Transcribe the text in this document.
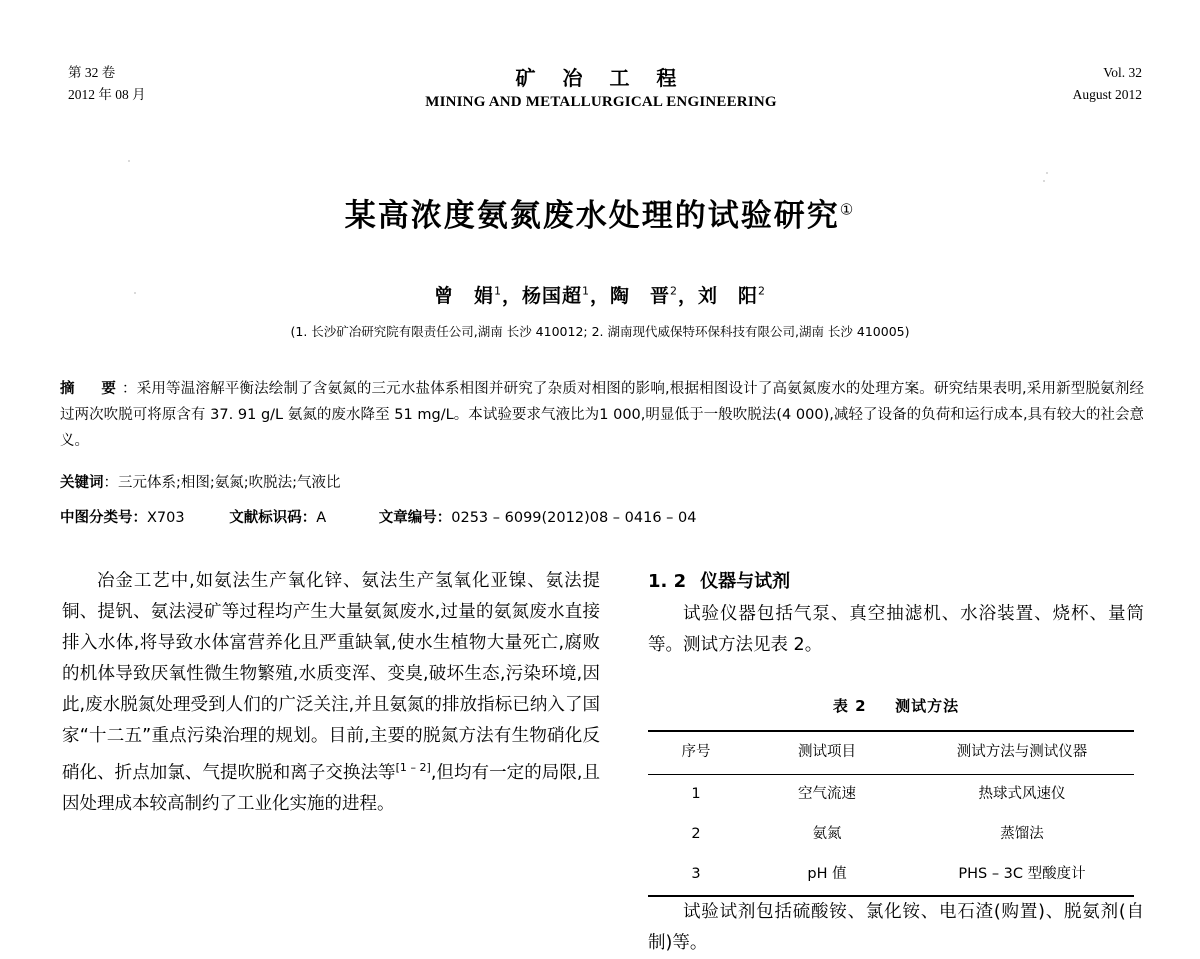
第 32 卷
2012 年 08 月
矿 冶 工 程
MINING AND METALLURGICAL ENGINEERING
Vol. 32
August 2012
某高浓度氨氮废水处理的试验研究①
曾　娟$^1$，杨国超$^1$，陶　晋$^2$，刘　阳$^2$
(1. 长沙矿冶研究院有限责任公司,湖南 长沙 410012; 2. 湖南现代威保特环保科技有限公司,湖南 长沙 410005)
摘　要：采用等温溶解平衡法绘制了含氨氮的三元水盐体系相图并研究了杂质对相图的影响,根据相图设计了高氨氮废水的处理方案。研究结果表明,采用新型脱氨剂经过两次吹脱可将原含有 37. 91 g/L 氨氮的废水降至 51 mg/L。本试验要求气液比为1 000,明显低于一般吹脱法(4 000),减轻了设备的负荷和运行成本,具有较大的社会意义。
关键词：三元体系;相图;氨氮;吹脱法;气液比
中图分类号：X703	文献标识码：A	文章编号：0253 – 6099(2012)08 – 0416 – 04

冶金工艺中,如氨法生产氧化锌、氨法生产氢氧化亚镍、氨法提铜、提钒、氨法浸矿等过程均产生大量氨氮废水,过量的氨氮废水直接排入水体,将导致水体富营养化且严重缺氧,使水生植物大量死亡,腐败的机体导致厌氧性微生物繁殖,水质变浑、变臭,破坏生态,污染环境,因此,废水脱氮处理受到人们的广泛关注,并且氨氮的排放指标已纳入了国家“十二五”重点污染治理的规划。目前,主要的脱氮方法有生物硝化反硝化、折点加氯、气提吹脱和离子交换法等[1 – 2],但均有一定的局限,且因处理成本较高制约了工业化实施的进程。

1. 2 仪器与试剂

试验仪器包括气泵、真空抽滤机、水浴装置、烧杯、量筒等。测试方法见表 2。

表 2 测试方法
序号	测试项目	测试方法与测试仪器
1	空气流速	热球式风速仪
2	氨氮	蒸馏法
3	pH 值	PHS – 3C 型酸度计

试验试剂包括硫酸铵、氯化铵、电石渣(购置)、脱氨剂(自制)等。
